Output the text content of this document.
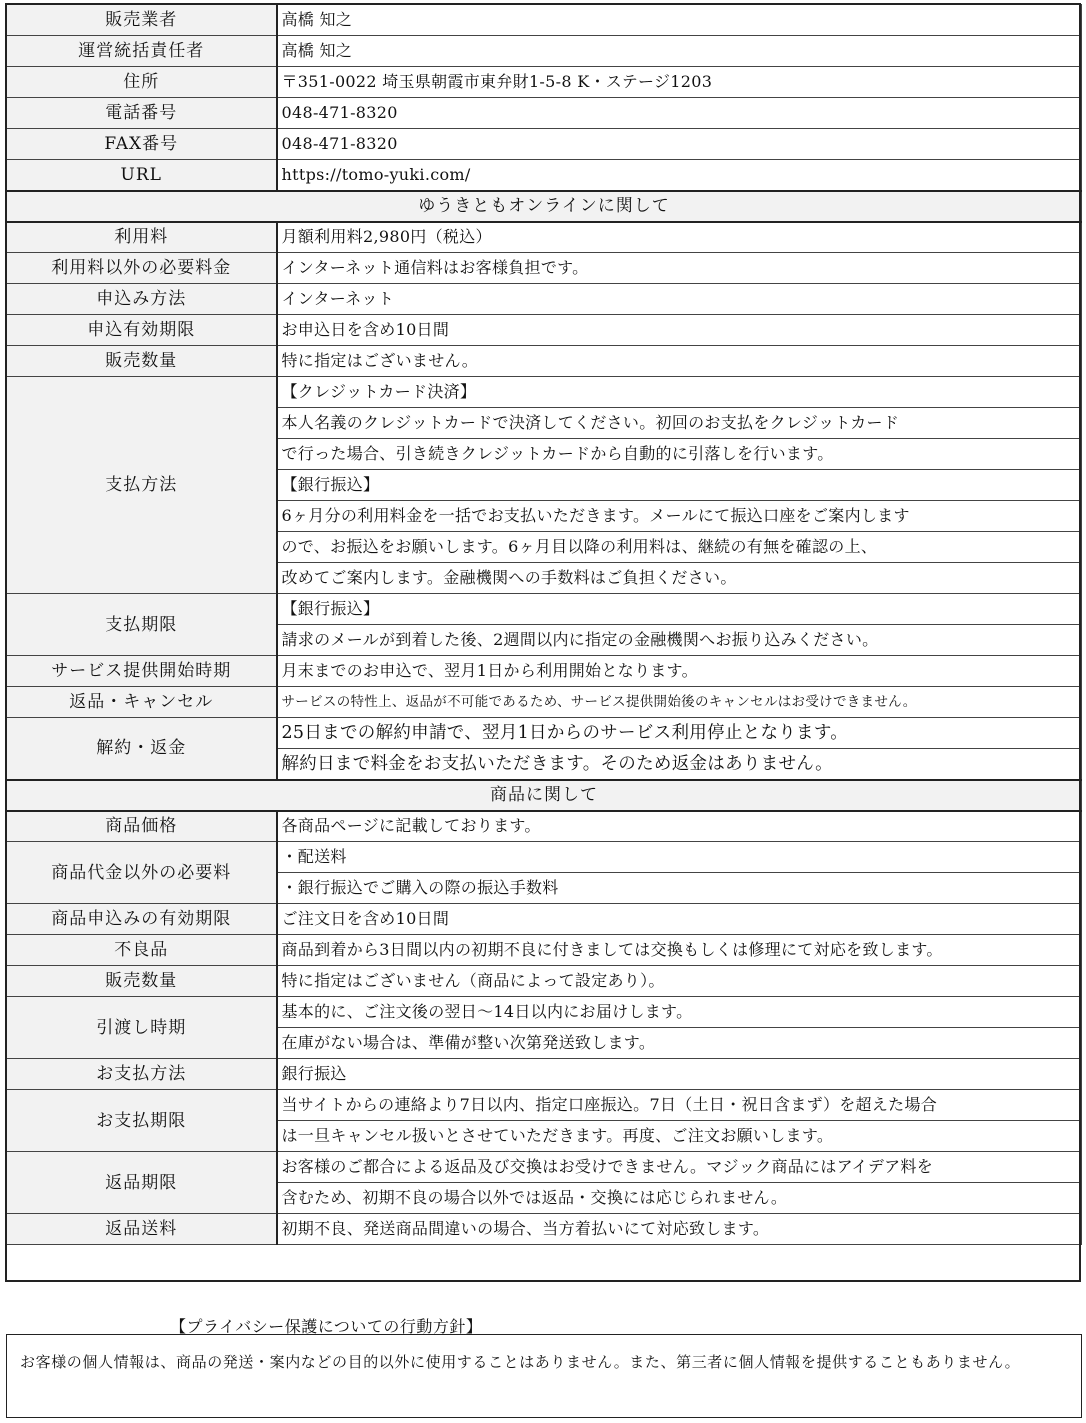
販売業者	高橋 知之
運営統括責任者	高橋 知之
住所	〒351-0022 埼玉県朝霞市東弁財1-5-8 K・ステージ1203
電話番号	048-471-8320
FAX番号	048-471-8320
URL	https://tomo-yuki.com/
ゆうきともオンラインに関して	
利用料	月額利用料2,980円（税込）
利用料以外の必要料金	インターネット通信料はお客様負担です。
申込み方法	インターネット
申込有効期限	お申込日を含め10日間
販売数量	特に指定はございません。
支払方法	【クレジットカード決済】
	本人名義のクレジットカードで決済してください。初回のお支払をクレジットカード
	で行った場合、引き続きクレジットカードから自動的に引落しを行います。
	【銀行振込】
	6ヶ月分の利用料金を一括でお支払いただきます。メールにて振込口座をご案内します
	ので、お振込をお願いします。6ヶ月目以降の利用料は、継続の有無を確認の上、
	改めてご案内します。金融機関への手数料はご負担ください。
支払期限	【銀行振込】
	請求のメールが到着した後、2週間以内に指定の金融機関へお振り込みください。
サービス提供開始時期	月末までのお申込で、翌月1日から利用開始となります。
返品・キャンセル	サービスの特性上、返品が不可能であるため、サービス提供開始後のキャンセルはお受けできません。
解約・返金	25日までの解約申請で、翌月1日からのサービス利用停止となります。
	解約日まで料金をお支払いただきます。そのため返金はありません。
商品に関して	
商品価格	各商品ページに記載しております。
商品代金以外の必要料	・配送料
	・銀行振込でご購入の際の振込手数料
商品申込みの有効期限	ご注文日を含め10日間
不良品	商品到着から3日間以内の初期不良に付きましては交換もしくは修理にて対応を致します。
販売数量	特に指定はございません（商品によって設定あり）。
引渡し時期	基本的に、ご注文後の翌日～14日以内にお届けします。
	在庫がない場合は、準備が整い次第発送致します。
お支払方法	銀行振込
お支払期限	当サイトからの連絡より7日以内、指定口座振込。7日（土日・祝日含まず）を超えた場合
	は一旦キャンセル扱いとさせていただきます。再度、ご注文お願いします。
返品期限	お客様のご都合による返品及び交換はお受けできません。マジック商品にはアイデア料を
	含むため、初期不良の場合以外では返品・交換には応じられません。
返品送料	初期不良、発送商品間違いの場合、当方着払いにて対応致します。
【プライバシー保護についての行動方針】
お客様の個人情報は、商品の発送・案内などの目的以外に使用することはありません。また、第三者に個人情報を提供することもありません。
